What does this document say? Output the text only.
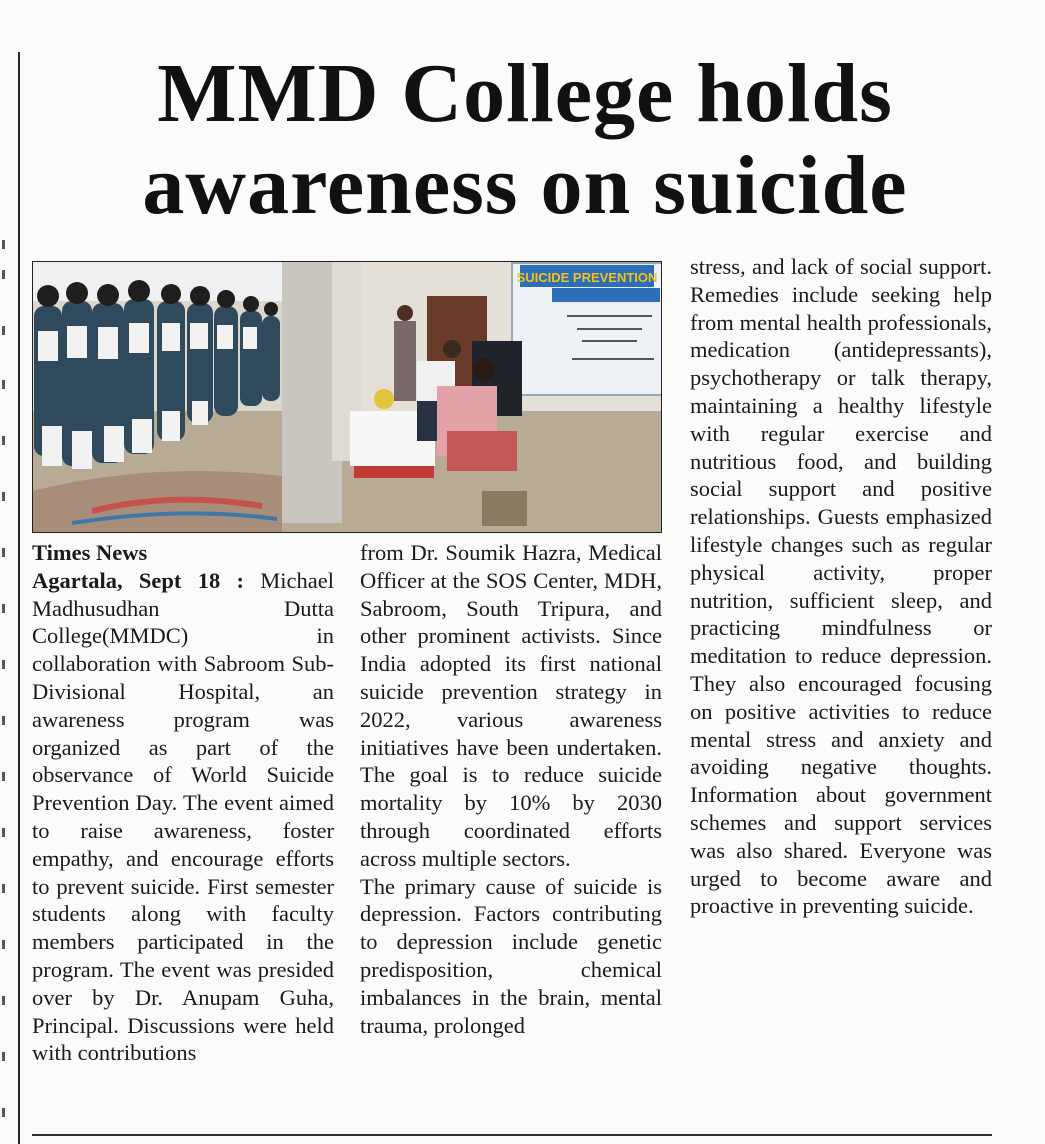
MMD College holds
awareness on suicide
SUICIDE PREVENTION

Times News

Agartala, Sept 18 : Michael Madhusudhan Dutta College(MMDC) in collaboration with Sabroom Sub-Divisional Hospital, an awareness program was organized as part of the observance of World Suicide Prevention Day. The event aimed to raise awareness, foster empathy, and encourage efforts to prevent suicide. First semester students along with faculty members participated in the program. The event was presided over by Dr. Anupam Guha, Principal. Discussions were held with contributions

from Dr. Soumik Hazra, Medical Officer at the SOS Center, MDH, Sabroom, South Tripura, and other prominent activists. Since India adopted its first national suicide prevention strategy in 2022, various awareness initiatives have been undertaken. The goal is to reduce suicide mortality by 10% by 2030 through coordinated efforts across multiple sectors.

The primary cause of suicide is depression. Factors contributing to depression include genetic predisposition, chemical imbalances in the brain, mental trauma, prolonged

stress, and lack of social support. Remedies include seeking help from mental health professionals, medication (antidepressants), psychotherapy or talk therapy, maintaining a healthy lifestyle with regular exercise and nutritious food, and building social support and positive relationships. Guests emphasized lifestyle changes such as regular physical activity, proper nutrition, sufficient sleep, and practicing mindfulness or meditation to reduce depression. They also encouraged focusing on positive activities to reduce mental stress and anxiety and avoiding negative thoughts. Information about government schemes and support services was also shared. Everyone was urged to become aware and proactive in preventing suicide.
